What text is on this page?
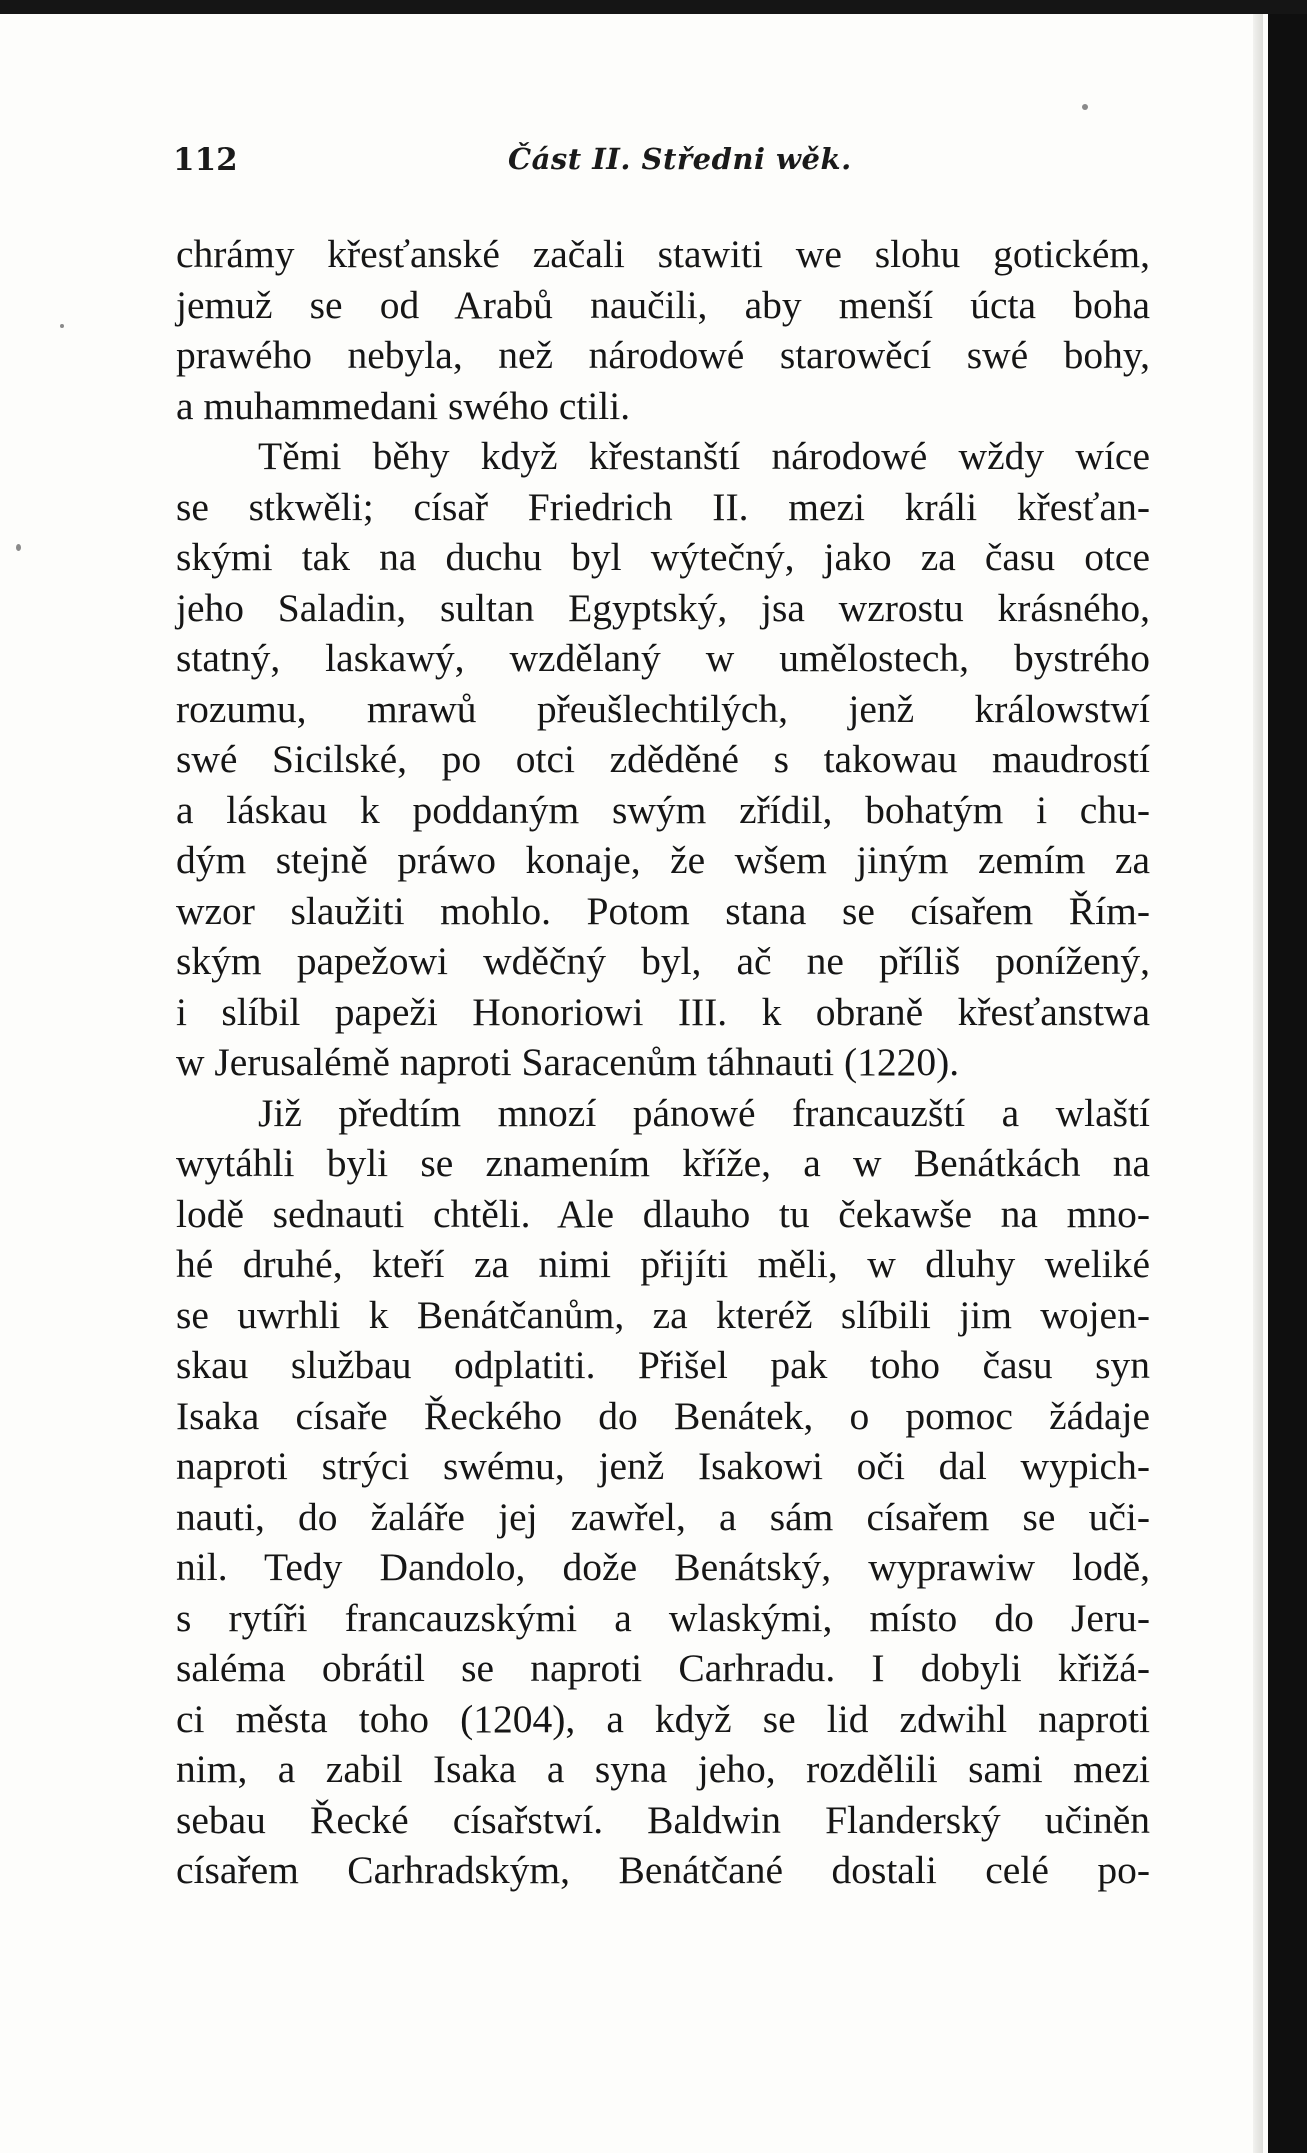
112	Část II. Středni wěk.
chrámy křesťanské začali stawiti we slohu gotickém,
jemuž se od Arabů naučili, aby menší úcta boha
prawého nebyla, než národowé starowěcí swé bohy,
a muhammedani swého ctili.
Těmi běhy když křestanští národowé wždy wíce
se stkwěli; císař Friedrich II. mezi králi křesťan-
skými tak na duchu byl wýtečný, jako za času otce
jeho Saladin, sultan Egyptský, jsa wzrostu krásného,
statný, laskawý, wzdělaný w umělostech, bystrého
rozumu, mrawů přeušlechtilých, jenž králowstwí
swé Sicilské, po otci zděděné s takowau maudrostí
a láskau k poddaným swým zřídil, bohatým i chu-
dým stejně práwo konaje, že wšem jiným zemím za
wzor slaužiti mohlo. Potom stana se císařem Řím-
ským papežowi wděčný byl, ač ne příliš ponížený,
i slíbil papeži Honoriowi III. k obraně křesťanstwa
w Jerusalémě naproti Saracenům táhnauti (1220).
Již předtím mnozí pánowé francauzští a wlaští
wytáhli byli se znamením kříže, a w Benátkách na
lodě sednauti chtěli. Ale dlauho tu čekawše na mno-
hé druhé, kteří za nimi přijíti měli, w dluhy weliké
se uwrhli k Benátčanům, za kteréž slíbili jim wojen-
skau službau odplatiti. Přišel pak toho času syn
Isaka císaře Řeckého do Benátek, o pomoc žádaje
naproti strýci swému, jenž Isakowi oči dal wypich-
nauti, do žaláře jej zawřel, a sám císařem se uči-
nil. Tedy Dandolo, dože Benátský, wyprawiw lodě,
s rytíři francauzskými a wlaskými, místo do Jeru-
saléma obrátil se naproti Carhradu. I dobyli křižá-
ci města toho (1204), a když se lid zdwihl naproti
nim, a zabil Isaka a syna jeho, rozdělili sami mezi
sebau Řecké císařstwí. Baldwin Flanderský učiněn
císařem Carhradským, Benátčané dostali celé po-
